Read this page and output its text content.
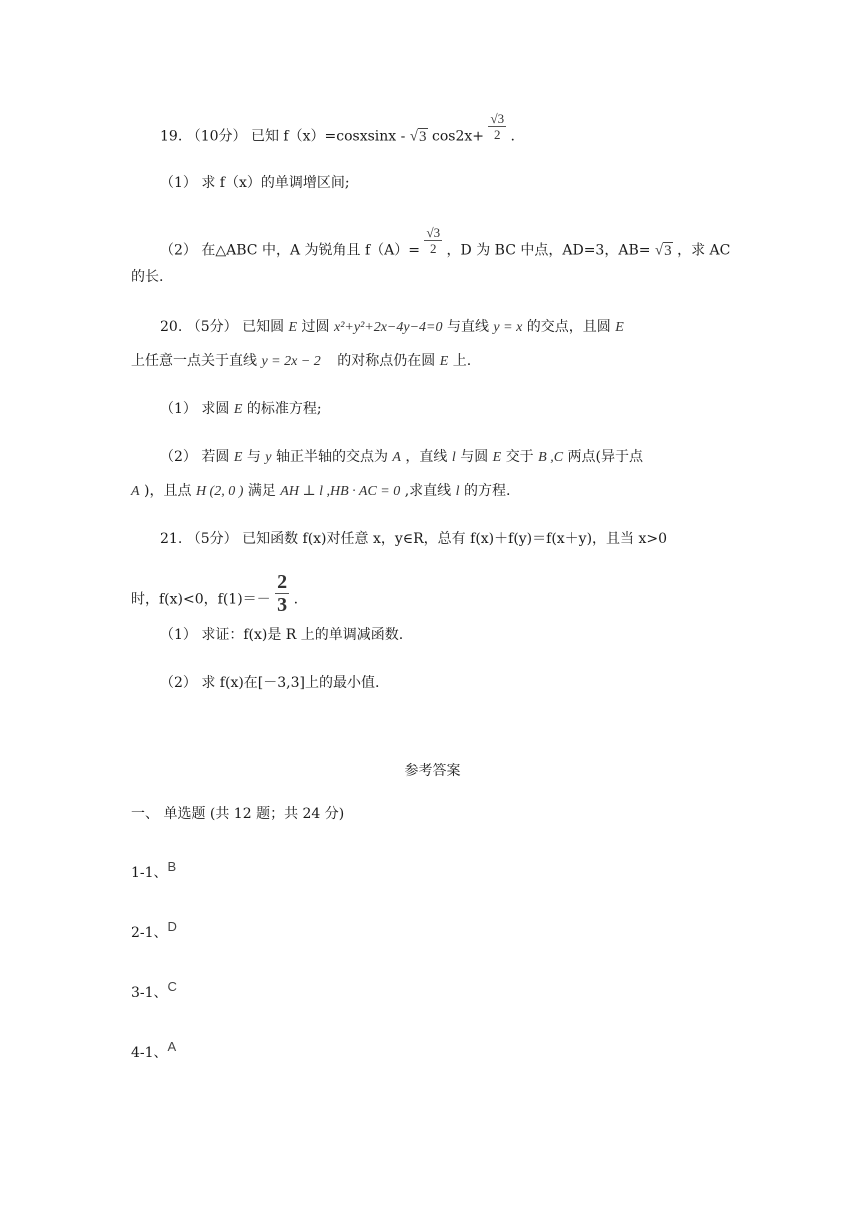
19. （10分） 已知 f（x）=cosxsinx - √3 $\cos 2x+ \frac{√3}{2}$ .
（1） 求 f（x）的单调增区间;
（2） 在△ABC 中，A 为锐角且 $f(A)= \frac{√3}{2}$ ，D 为 BC 中点，AD=3，AB= √3 ，求 AC
的长.
20. （5分） 已知圆 E 过圆 x²+y²+2x−4y−4=0 与直线 y = x 的交点，且圆 E
上任意一点关于直线 y = 2x − 2 的对称点仍在圆 E 上.
（1） 求圆 E 的标准方程;
（2） 若圆 E 与 y 轴正半轴的交点为 A ，直线 l 与圆 E 交于 B ,C 两点(异于点
A )，且点 H (2, 0 ) 满足 AH ⊥ l ,HB · AC = 0 ,求直线 l 的方程.
21. （5分） 已知函数 f(x)对任意 x，y∈R，总有 f(x)＋f(y)＝f(x＋y)，且当 x>0
时，f(x)<0，$f(1)=- \frac{2}{3}$ .
（1） 求证：f(x)是 R 上的单调减函数.
（2） 求 f(x)在[－3,3]上的最小值.
参考答案
一、 单选题 (共 12 题；共 24 分)
1-1、B
2-1、D
3-1、C
4-1、A
